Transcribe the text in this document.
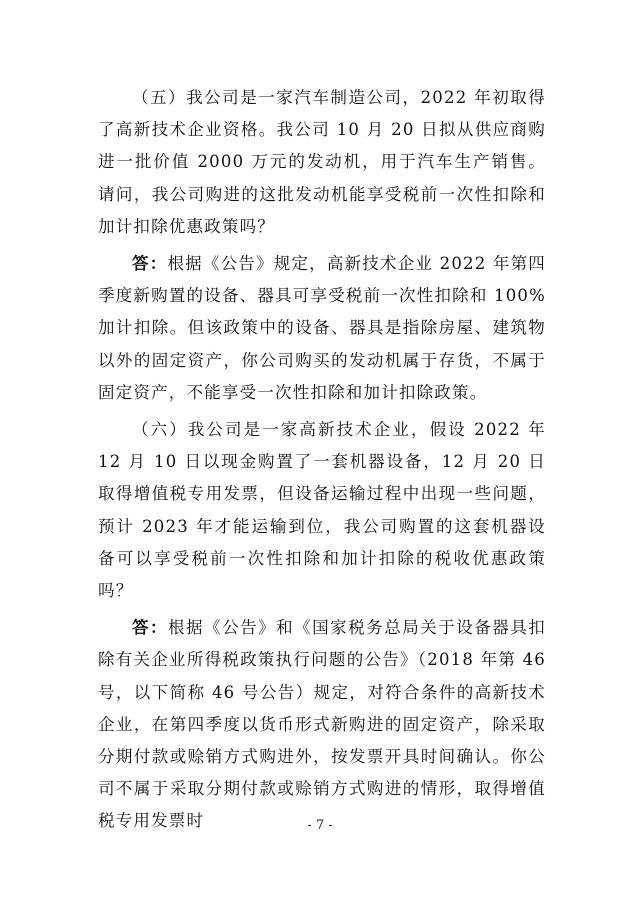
（五）我公司是一家汽车制造公司，2022 年初取得了高新技术企业资格。我公司 10 月 20 日拟从供应商购进一批价值 2000 万元的发动机，用于汽车生产销售。请问，我公司购进的这批发动机能享受税前一次性扣除和加计扣除优惠政策吗？

答：根据《公告》规定，高新技术企业 2022 年第四季度新购置的设备、器具可享受税前一次性扣除和 100%加计扣除。但该政策中的设备、器具是指除房屋、建筑物以外的固定资产，你公司购买的发动机属于存货，不属于固定资产，不能享受一次性扣除和加计扣除政策。

（六）我公司是一家高新技术企业，假设 2022 年 12 月 10 日以现金购置了一套机器设备，12 月 20 日取得增值税专用发票，但设备运输过程中出现一些问题，预计 2023 年才能运输到位，我公司购置的这套机器设备可以享受税前一次性扣除和加计扣除的税收优惠政策吗？

答：根据《公告》和《国家税务总局关于设备器具扣除有关企业所得税政策执行问题的公告》（2018 年第 46 号，以下简称 46 号公告）规定，对符合条件的高新技术企业，在第四季度以货币形式新购进的固定资产，除采取分期付款或赊销方式购进外，按发票开具时间确认。你公司不属于采取分期付款或赊销方式购进的情形，取得增值税专用发票时	- 7 -
